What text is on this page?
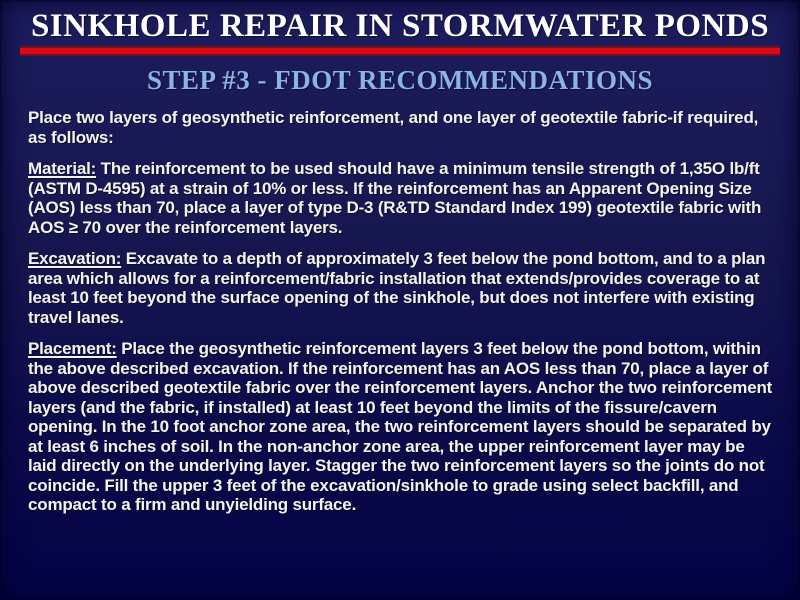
SINKHOLE REPAIR IN STORMWATER PONDS
STEP #3 - FDOT RECOMMENDATIONS

Place two layers of geosynthetic reinforcement, and one layer of geotextile fabric-if required, as follows:

Material: The reinforcement to be used should have a minimum tensile strength of 1,35O lb/ft (ASTM D-4595) at a strain of 10% or less. If the reinforcement has an Apparent Opening Size (AOS) less than 70, place a layer of type D-3 (R&TD Standard Index 199) geotextile fabric with AOS ≥ 70 over the reinforcement layers.

Excavation: Excavate to a depth of approximately 3 feet below the pond bottom, and to a plan area which allows for a reinforcement/fabric installation that extends/provides coverage to at least 10 feet beyond the surface opening of the sinkhole, but does not interfere with existing travel lanes.

Placement: Place the geosynthetic reinforcement layers 3 feet below the pond bottom, within the above described excavation. If the reinforcement has an AOS less than 70, place a layer of above described geotextile fabric over the reinforcement layers. Anchor the two reinforcement layers (and the fabric, if installed) at least 10 feet beyond the limits of the fissure/cavern opening. In the 10 foot anchor zone area, the two reinforcement layers should be separated by at least 6 inches of soil. In the non-anchor zone area, the upper reinforcement layer may be laid directly on the underlying layer. Stagger the two reinforcement layers so the joints do not coincide. Fill the upper 3 feet of the excavation/sinkhole to grade using select backfill, and compact to a firm and unyielding surface.
